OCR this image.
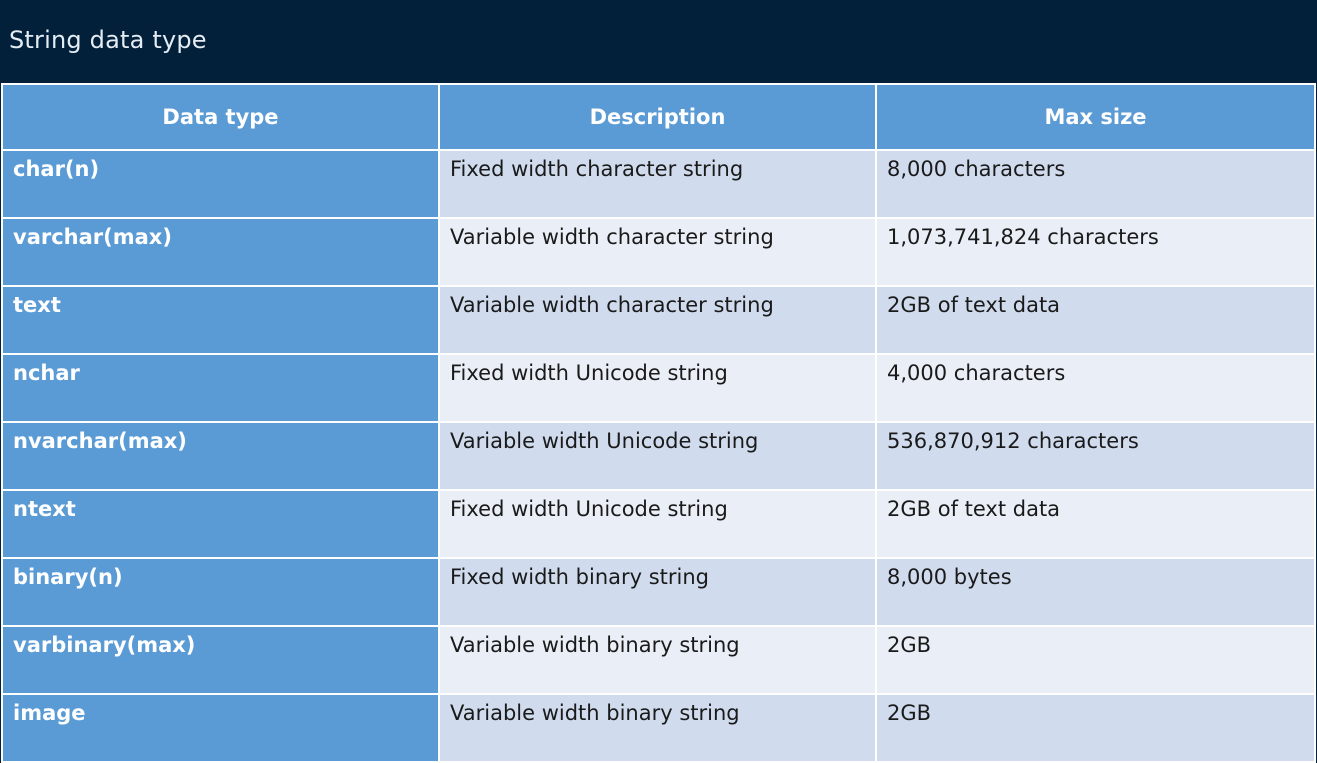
String data type
Data type	Description	Max size
char(n)	Fixed width character string	8,000 characters
varchar(max)	Variable width character string	1,073,741,824 characters
text	Variable width character string	2GB of text data
nchar	Fixed width Unicode string	4,000 characters
nvarchar(max)	Variable width Unicode string	536,870,912 characters
ntext	Fixed width Unicode string	2GB of text data
binary(n)	Fixed width binary string	8,000 bytes
varbinary(max)	Variable width binary string	2GB
image	Variable width binary string	2GB
